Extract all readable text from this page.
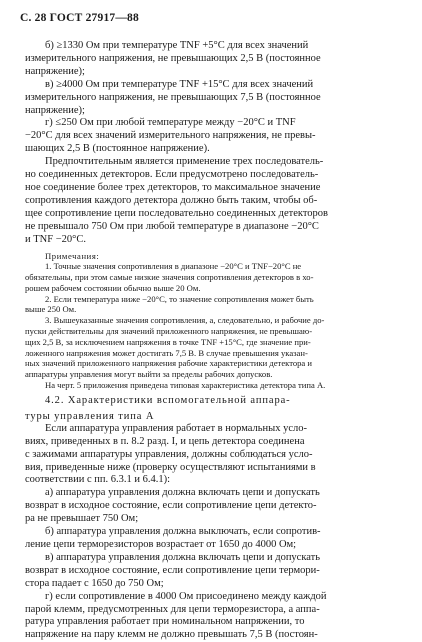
С. 28 ГОСТ 27917—88

б) ≥1330 Ом при температуре TNF +5°С для всех значений

измерительного напряжения, не превышающих 2,5 В (постоянное

напряжение);

в) ≥4000 Ом при температуре TNF +15°С для всех значений

измерительного напряжения, не превышающих 7,5 В (постоянное

напряжение);

г) ≤250 Ом при любой температуре между −20°С и TNF

−20°С для всех значений измерительного напряжения, не превы-

шающих 2,5 В (постоянное напряжение).

Предпочтительным является применение трех последователь-

но соединенных детекторов. Если предусмотрено последователь-

ное соединение более трех детекторов, то максимальное значение

сопротивления каждого детектора должно быть таким, чтобы об-

щее сопротивление цепи последовательно соединенных детекторов

не превышало 750 Ом при любой температуре в диапазоне −20°С

и TNF −20°С.

Примечания:

1. Точные значения сопротивления в диапазоне −20°С и TNF−20°С не

обязательны, при этом самые низкие значения сопротивления детекторов в хо-

рошем рабочем состоянии обычно выше 20 Ом.

2. Если температура ниже −20°С, то значение сопротивления может быть

выше 250 Ом.

3. Вышеуказанные значения сопротивления, а, следовательно, и рабочие до-

пуски действительны для значений приложенного напряжения, не превышаю-

щих 2,5 В, за исключением напряжения в точке TNF +15°С, где значение при-

ложенного напряжения может достигать 7,5 В. В случае превышения указан-

ных значений приложенного напряжения рабочие характеристики детектора и

аппаратуры управления могут выйти за пределы рабочих допусков.

На черт. 5 приложения приведена типовая характеристика детектора типа А.

4.2. Характеристики вспомогательной аппара-

туры управления типа А

Если аппаратура управления работает в нормальных усло-

виях, приведенных в п. 8.2 разд. I, и цепь детектора соединена

с зажимами аппаратуры управления, должны соблюдаться усло-

вия, приведенные ниже (проверку осуществляют испытаниями в

соответствии с пп. 6.3.1 и 6.4.1):

а) аппаратура управления должна включать цепи и допускать

возврат в исходное состояние, если сопротивление цепи детекто-

ра не превышает 750 Ом;

б) аппаратура управления должна выключать, если сопротив-

ление цепи терморезисторов возрастает от 1650 до 4000 Ом;

в) аппаратура управления должна включать цепи и допускать

возврат в исходное состояние, если сопротивление цепи термори-

стора падает с 1650 до 750 Ом;

г) если сопротивление в 4000 Ом присоединено между каждой

парой клемм, предусмотренных для цепи терморезистора, а аппа-

ратура управления работает при номинальном напряжении, то

напряжение на пару клемм не должно превышать 7,5 В (постоян-
